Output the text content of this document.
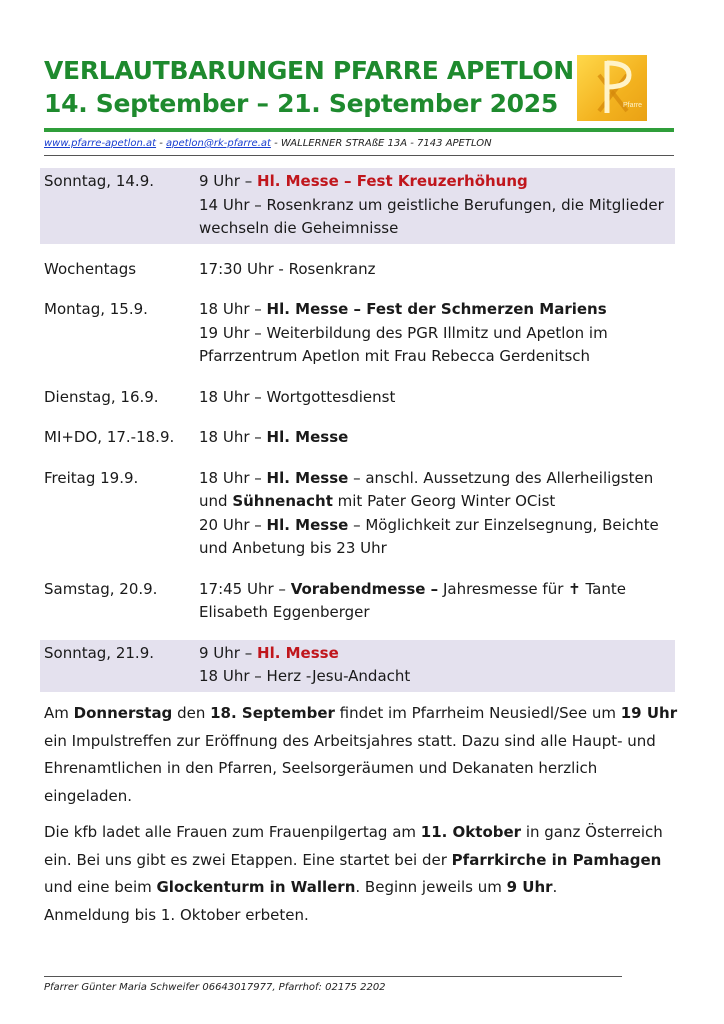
VERLAUTBARUNGEN PFARRE APETLON
14. September – 21. September 2025	Pfarre
www.pfarre-apetlon.at - apetlon@rk-pfarre.at - WALLERNER STRAßE 13A - 7143 APETLON
Sonntag, 14.9.	9 Uhr – Hl. Messe – Fest Kreuzerhöhung
14 Uhr – Rosenkranz um geistliche Berufungen, die Mitglieder wechseln die Geheimnisse
Wochentags	17:30 Uhr - Rosenkranz
Montag, 15.9.	18 Uhr – Hl. Messe – Fest der Schmerzen Mariens
19 Uhr – Weiterbildung des PGR Illmitz und Apetlon im Pfarrzentrum Apetlon mit Frau Rebecca Gerdenitsch
Dienstag, 16.9.	18 Uhr – Wortgottesdienst
MI+DO, 17.-18.9.	18 Uhr – Hl. Messe
Freitag 19.9.	18 Uhr – Hl. Messe – anschl. Aussetzung des Allerheiligsten und Sühnenacht mit Pater Georg Winter OCist
20 Uhr – Hl. Messe – Möglichkeit zur Einzelsegnung, Beichte und Anbetung bis 23 Uhr
Samstag, 20.9.	17:45 Uhr – Vorabendmesse – Jahresmesse für ✝ Tante Elisabeth Eggenberger
Sonntag, 21.9.	9 Uhr – Hl. Messe
18 Uhr – Herz -Jesu-Andacht

Am Donnerstag den 18. September findet im Pfarrheim Neusiedl/See um 19 Uhr ein Impulstreffen zur Eröffnung des Arbeitsjahres statt. Dazu sind alle Haupt- und Ehrenamtlichen in den Pfarren, Seelsorgeräumen und Dekanaten herzlich eingeladen.

Die kfb ladet alle Frauen zum Frauenpilgertag am 11. Oktober in ganz Österreich ein. Bei uns gibt es zwei Etappen. Eine startet bei der Pfarrkirche in Pamhagen und eine beim Glockenturm in Wallern. Beginn jeweils um 9 Uhr.
Anmeldung bis 1. Oktober erbeten.

Pfarrer Günter Maria Schweifer 06643017977, Pfarrhof: 02175 2202
